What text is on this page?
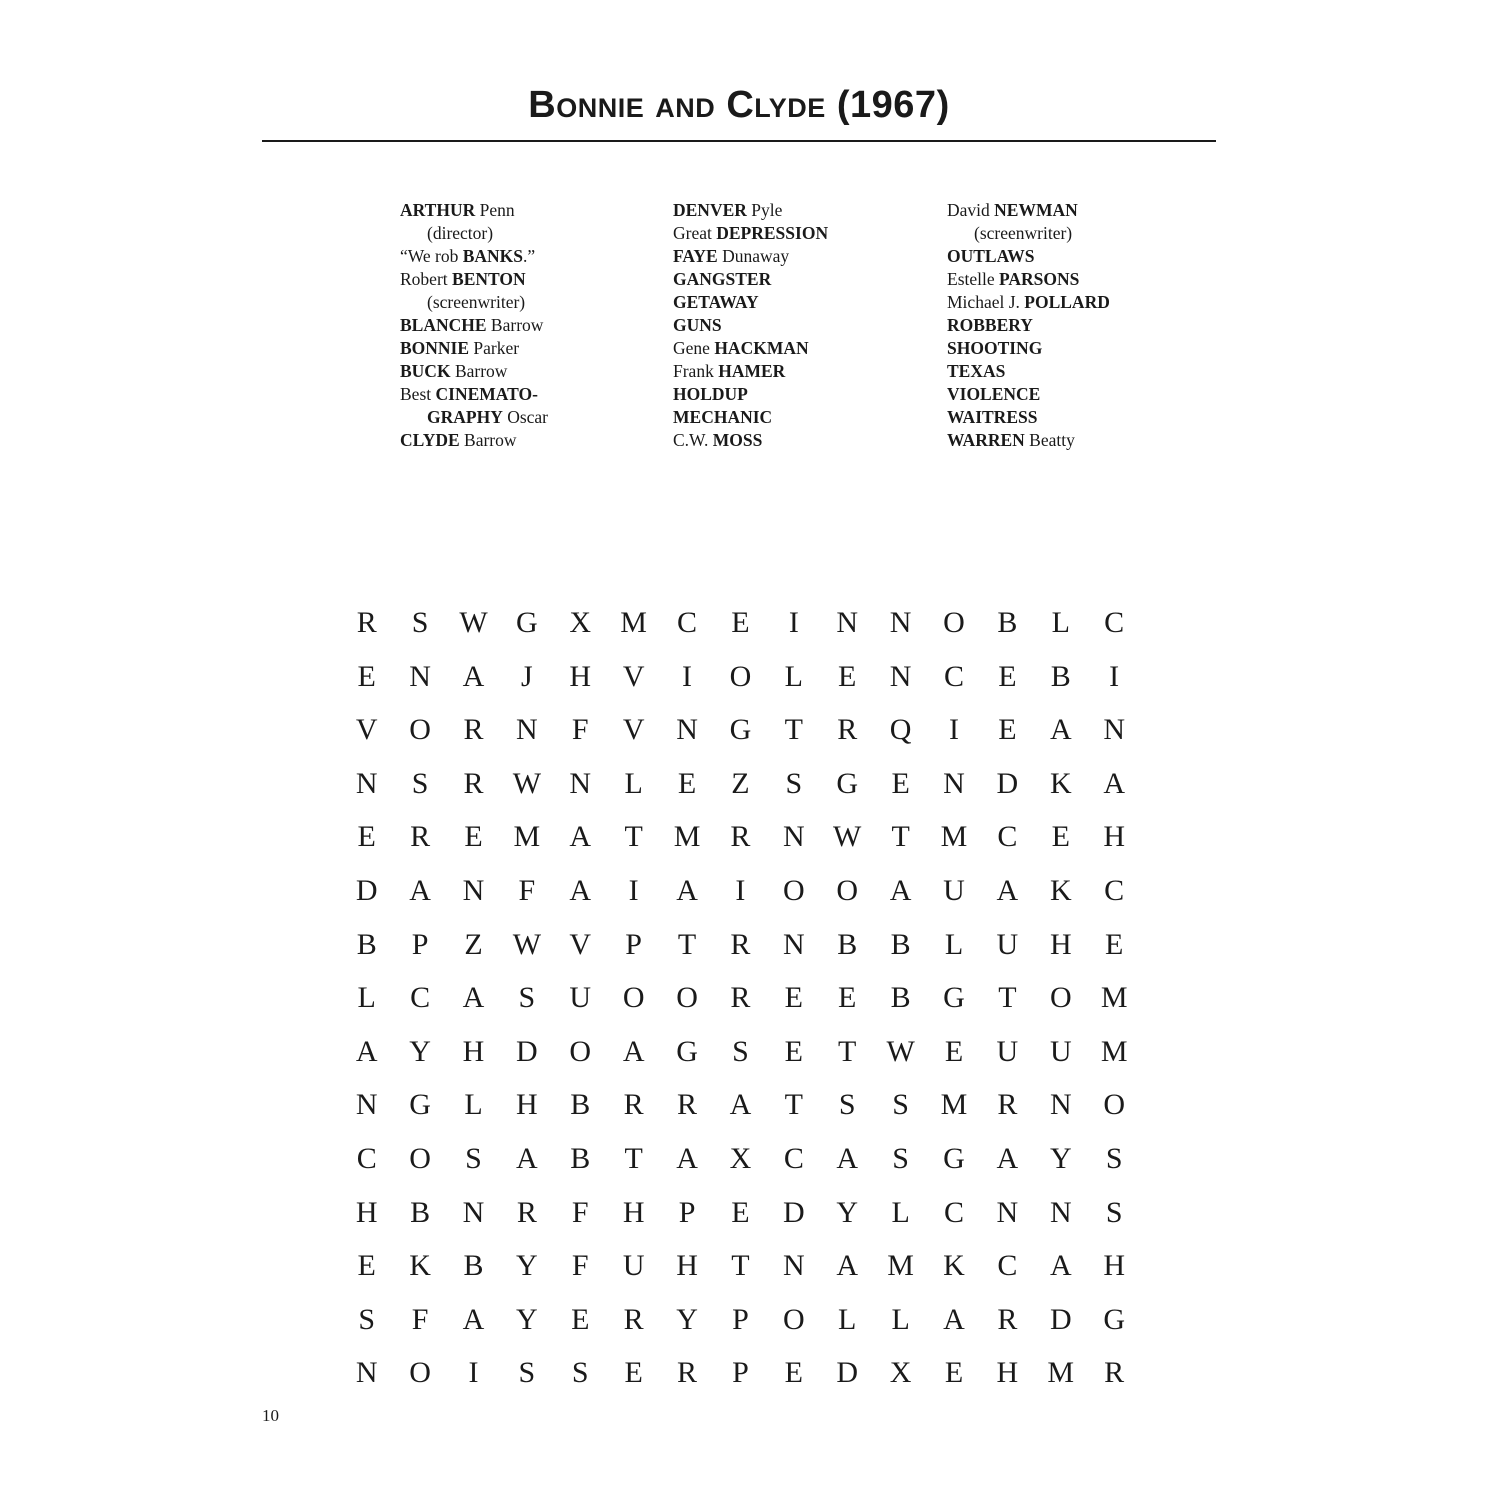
Bonnie and Clyde (1967)
ARTHUR Penn
(director)
“We rob BANKS.”
Robert BENTON
(screenwriter)
BLANCHE Barrow
BONNIE Parker
BUCK Barrow
Best CINEMATO-
GRAPHY Oscar
CLYDE Barrow
DENVER Pyle
Great DEPRESSION
FAYE Dunaway
GANGSTER
GETAWAY
GUNS
Gene HACKMAN
Frank HAMER
HOLDUP
MECHANIC
C.W. MOSS
David NEWMAN
(screenwriter)
OUTLAWS
Estelle PARSONS
Michael J. POLLARD
ROBBERY
SHOOTING
TEXAS
VIOLENCE
WAITRESS
WARREN Beatty
R	S	W G	X M	C	E	I	N	N	O	B	L	C
E	N	A	J	H	V	I	O	L	E	N	C	E	B	I
V	O	R	N	F	V	N	G	T	R	Q	I	E	A	N
N	S	R W N	L	E	Z	S	G	E	N	D	K	A
E	R	E	M A	T	M	R	N W	T	M	C	E	H
D	A	N	F	A	I	A	I	O	O	A	U	A	K	C
B	P	Z	W V	P	T	R	N	B	B	L	U	H	E
L	C	A	S	U	O	O	R	E	E	B	G	T	O M
A	Y	H	D	O	A	G	S	E	T	W	E	U	U M
N	G	L	H	B	R	R	A	T	S	S	M	R	N	O
C	O	S	A	B	T	A	X	C	A	S	G	A	Y	S
H	B	N	R	F	H	P	E	D	Y	L	C	N	N	S
E	K	B	Y	F	U	H	T	N	A M K	C	A	H
S	F	A	Y	E	R	Y	P	O	L	L	A	R	D	G
N	O	I	S	S	E	R	P	E	D	X	E	H M	R
10
